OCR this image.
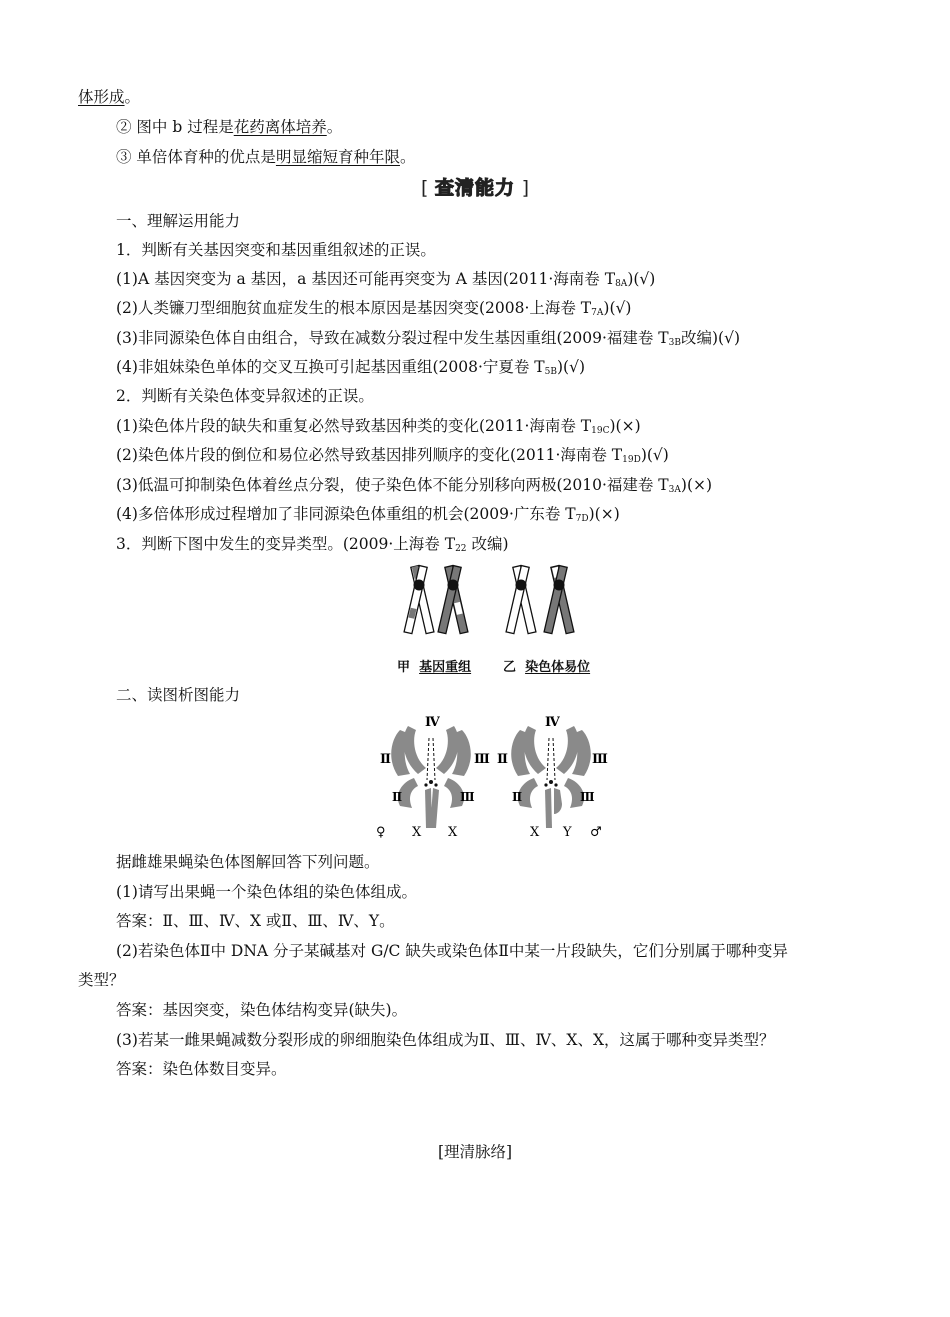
体形成。
② 图中 b 过程是花药离体培养。
③ 单倍体育种的优点是明显缩短育种年限。
[ 查清能力 ]
一、理解运用能力
1．判断有关基因突变和基因重组叙述的正误。
(1)A 基因突变为 a 基因，a 基因还可能再突变为 A 基因(2011·海南卷 $T_{8A})(√)$
(2)人类镰刀型细胞贫血症发生的根本原因是基因突变(2008·上海卷 $T_{7A})(√)$
(3)非同源染色体自由组合，导致在减数分裂过程中发生基因重组(2009·福建卷 $T_{3B}$改编)(√)
(4)非姐妹染色单体的交叉互换可引起基因重组(2008·宁夏卷 $T_{5B})(√)$
2．判断有关染色体变异叙述的正误。
(1)染色体片段的缺失和重复必然导致基因种类的变化(2011·海南卷 $T_{19C})(\times)$
(2)染色体片段的倒位和易位必然导致基因排列顺序的变化(2011·海南卷 $T_{19D})(√)$
(3)低温可抑制染色体着丝点分裂，使子染色体不能分别移向两极(2010·福建卷 $T_{3A})(\times)$
(4)多倍体形成过程增加了非同源染色体重组的机会(2009·广东卷 $T_{7D})(\times)$
3．判断下图中发生的变异类型。(2009·上海卷 $T_{22}$ 改编)
甲 基因重组 乙 染色体易位
二、读图析图能力
Ⅳ
Ⅱ	Ⅲ
Ⅱ	Ⅲ
♀ X X
Ⅳ
Ⅱ	Ⅲ
Ⅱ	Ⅲ
X Y ♂
据雌雄果蝇染色体图解回答下列问题。
(1)请写出果蝇一个染色体组的染色体组成。
答案：Ⅱ、Ⅲ、Ⅳ、X 或Ⅱ、Ⅲ、Ⅳ、Y。
(2)若染色体Ⅱ中 DNA 分子某碱基对 G/C 缺失或染色体Ⅱ中某一片段缺失，它们分别属于哪种变异
类型？
答案：基因突变，染色体结构变异(缺失)。
(3)若某一雌果蝇减数分裂形成的卵细胞染色体组成为Ⅱ、Ⅲ、Ⅳ、X、X，这属于哪种变异类型？
答案：染色体数目变异。
[理清脉络]
